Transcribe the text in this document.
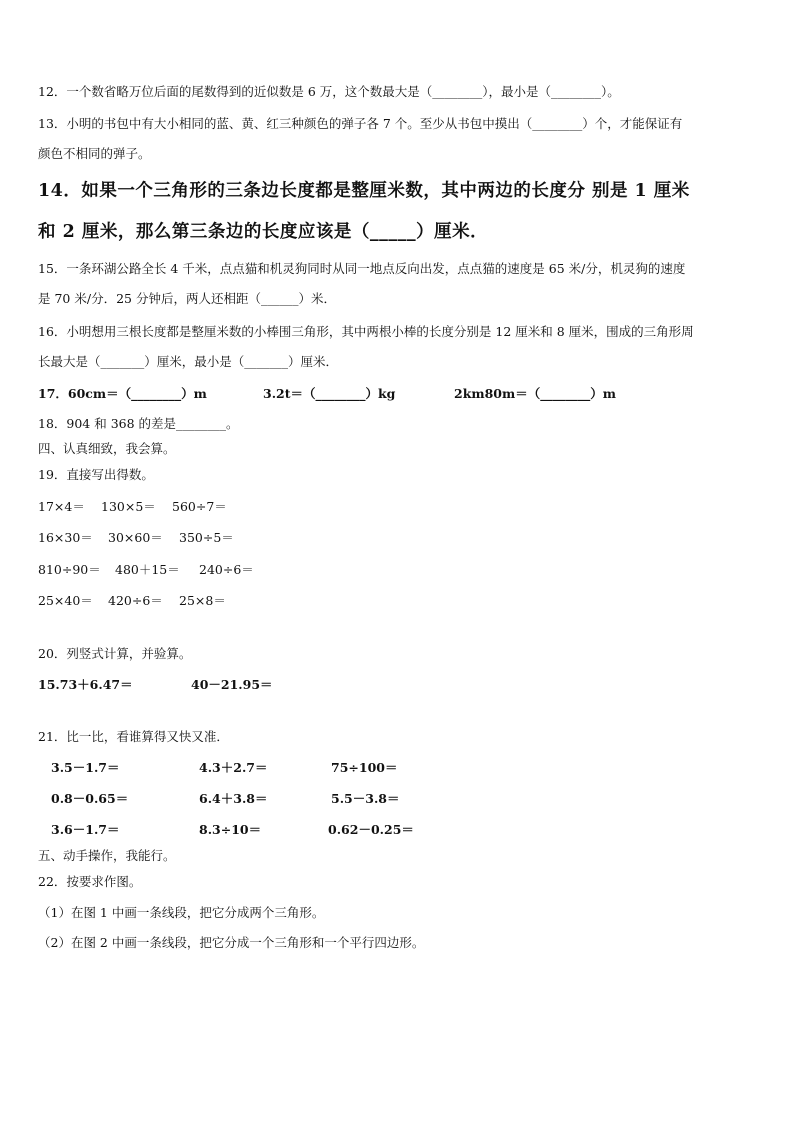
12．一个数省略万位后面的尾数得到的近似数是 6 万，这个数最大是（________），最小是（________）。
13．小明的书包中有大小相同的蓝、黄、红三种颜色的弹子各 7 个。至少从书包中摸出（________）个，才能保证有
颜色不相同的弹子。
14．如果一个三角形的三条边长度都是整厘米数，其中两边的长度分 别是 1 厘米
和 2 厘米，那么第三条边的长度应该是（_____）厘米．
15．一条环湖公路全长 4 千米，点点猫和机灵狗同时从同一地点反向出发，点点猫的速度是 65 米/分，机灵狗的速度
是 70 米/分．25 分钟后，两人还相距（______）米．
16．小明想用三根长度都是整厘米数的小棒围三角形，其中两根小棒的长度分别是 12 厘米和 8 厘米，围成的三角形周
长最大是（_______）厘米，最小是（_______）厘米．
17．60cm＝（________）m	3.2t＝（________）kg	2km80m＝（________）m
18．904 和 368 的差是________。
四、认真细致，我会算。
19．直接写出得数。
17×4＝ 130×5＝ 560÷7＝
16×30＝ 30×60＝ 350÷5＝
810÷90＝ 480＋15＝ 240÷6＝
25×40＝ 420÷6＝ 25×8＝
20．列竖式计算，并验算。
15.73＋6.47＝	40－21.95＝
21．比一比，看谁算得又快又准．
3.5－1.7＝	4.3＋2.7＝	75÷100＝
0.8－0.65＝	6.4＋3.8＝	5.5－3.8＝
3.6－1.7＝	8.3÷10＝	0.62－0.25＝
五、动手操作，我能行。
22．按要求作图。
（1）在图 1 中画一条线段，把它分成两个三角形。
（2）在图 2 中画一条线段，把它分成一个三角形和一个平行四边形。
